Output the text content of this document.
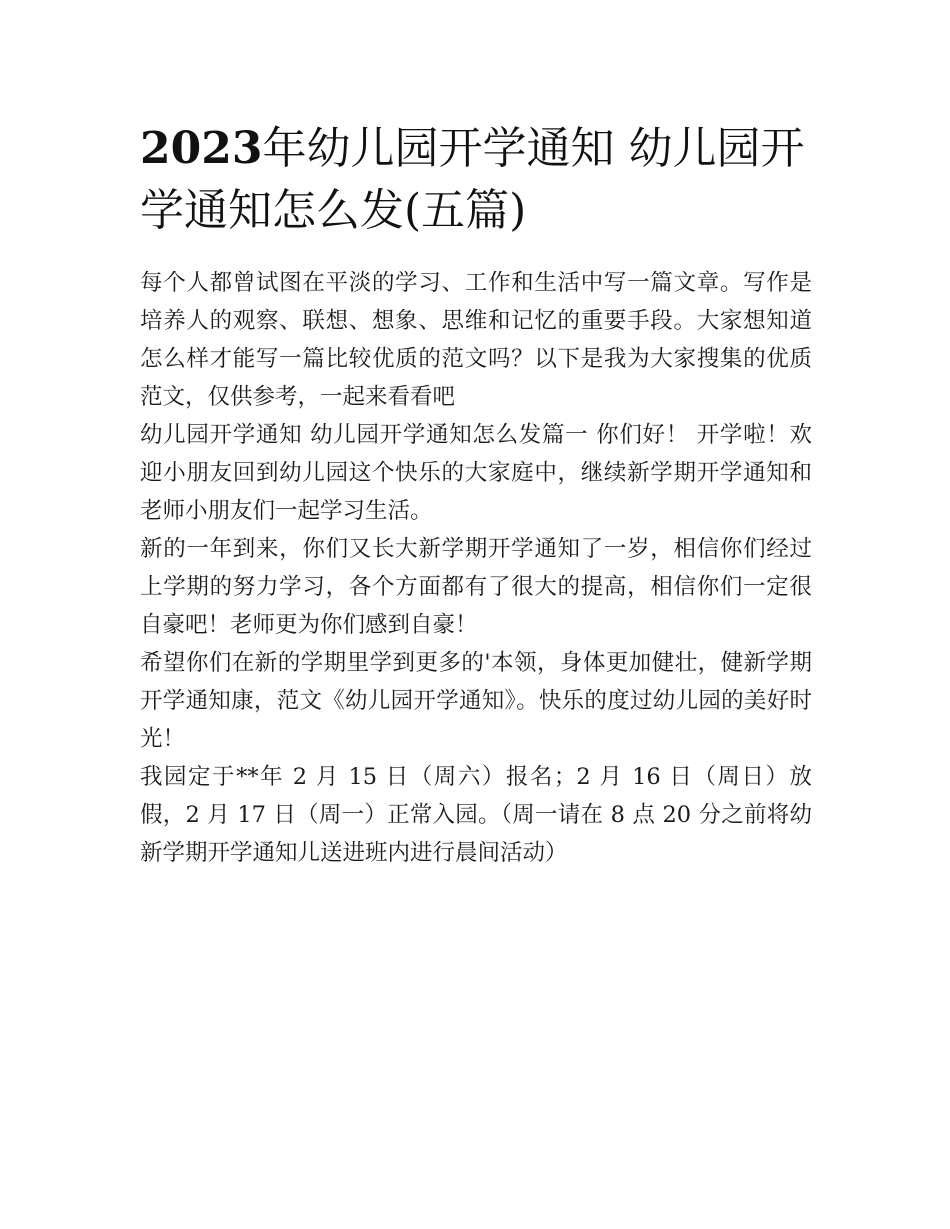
2023年幼儿园开学通知 幼儿园开学通知怎么发(五篇)

每个人都曾试图在平淡的学习、工作和生活中写一篇文章。写作是培养人的观察、联想、想象、思维和记忆的重要手段。大家想知道怎么样才能写一篇比较优质的范文吗？以下是我为大家搜集的优质范文，仅供参考，一起来看看吧

幼儿园开学通知 幼儿园开学通知怎么发篇一 你们好！ 开学啦！欢迎小朋友回到幼儿园这个快乐的大家庭中，继续新学期开学通知和老师小朋友们一起学习生活。

新的一年到来，你们又长大新学期开学通知了一岁，相信你们经过上学期的努力学习，各个方面都有了很大的提高，相信你们一定很自豪吧！老师更为你们感到自豪！

希望你们在新的学期里学到更多的'本领，身体更加健壮，健新学期开学通知康，范文《幼儿园开学通知》。快乐的度过幼儿园的美好时光！

我园定于**年 2 月 15 日（周六）报名；2 月 16 日（周日）放假，2 月 17 日（周一）正常入园。（周一请在 8 点 20 分之前将幼新学期开学通知儿送进班内进行晨间活动）
